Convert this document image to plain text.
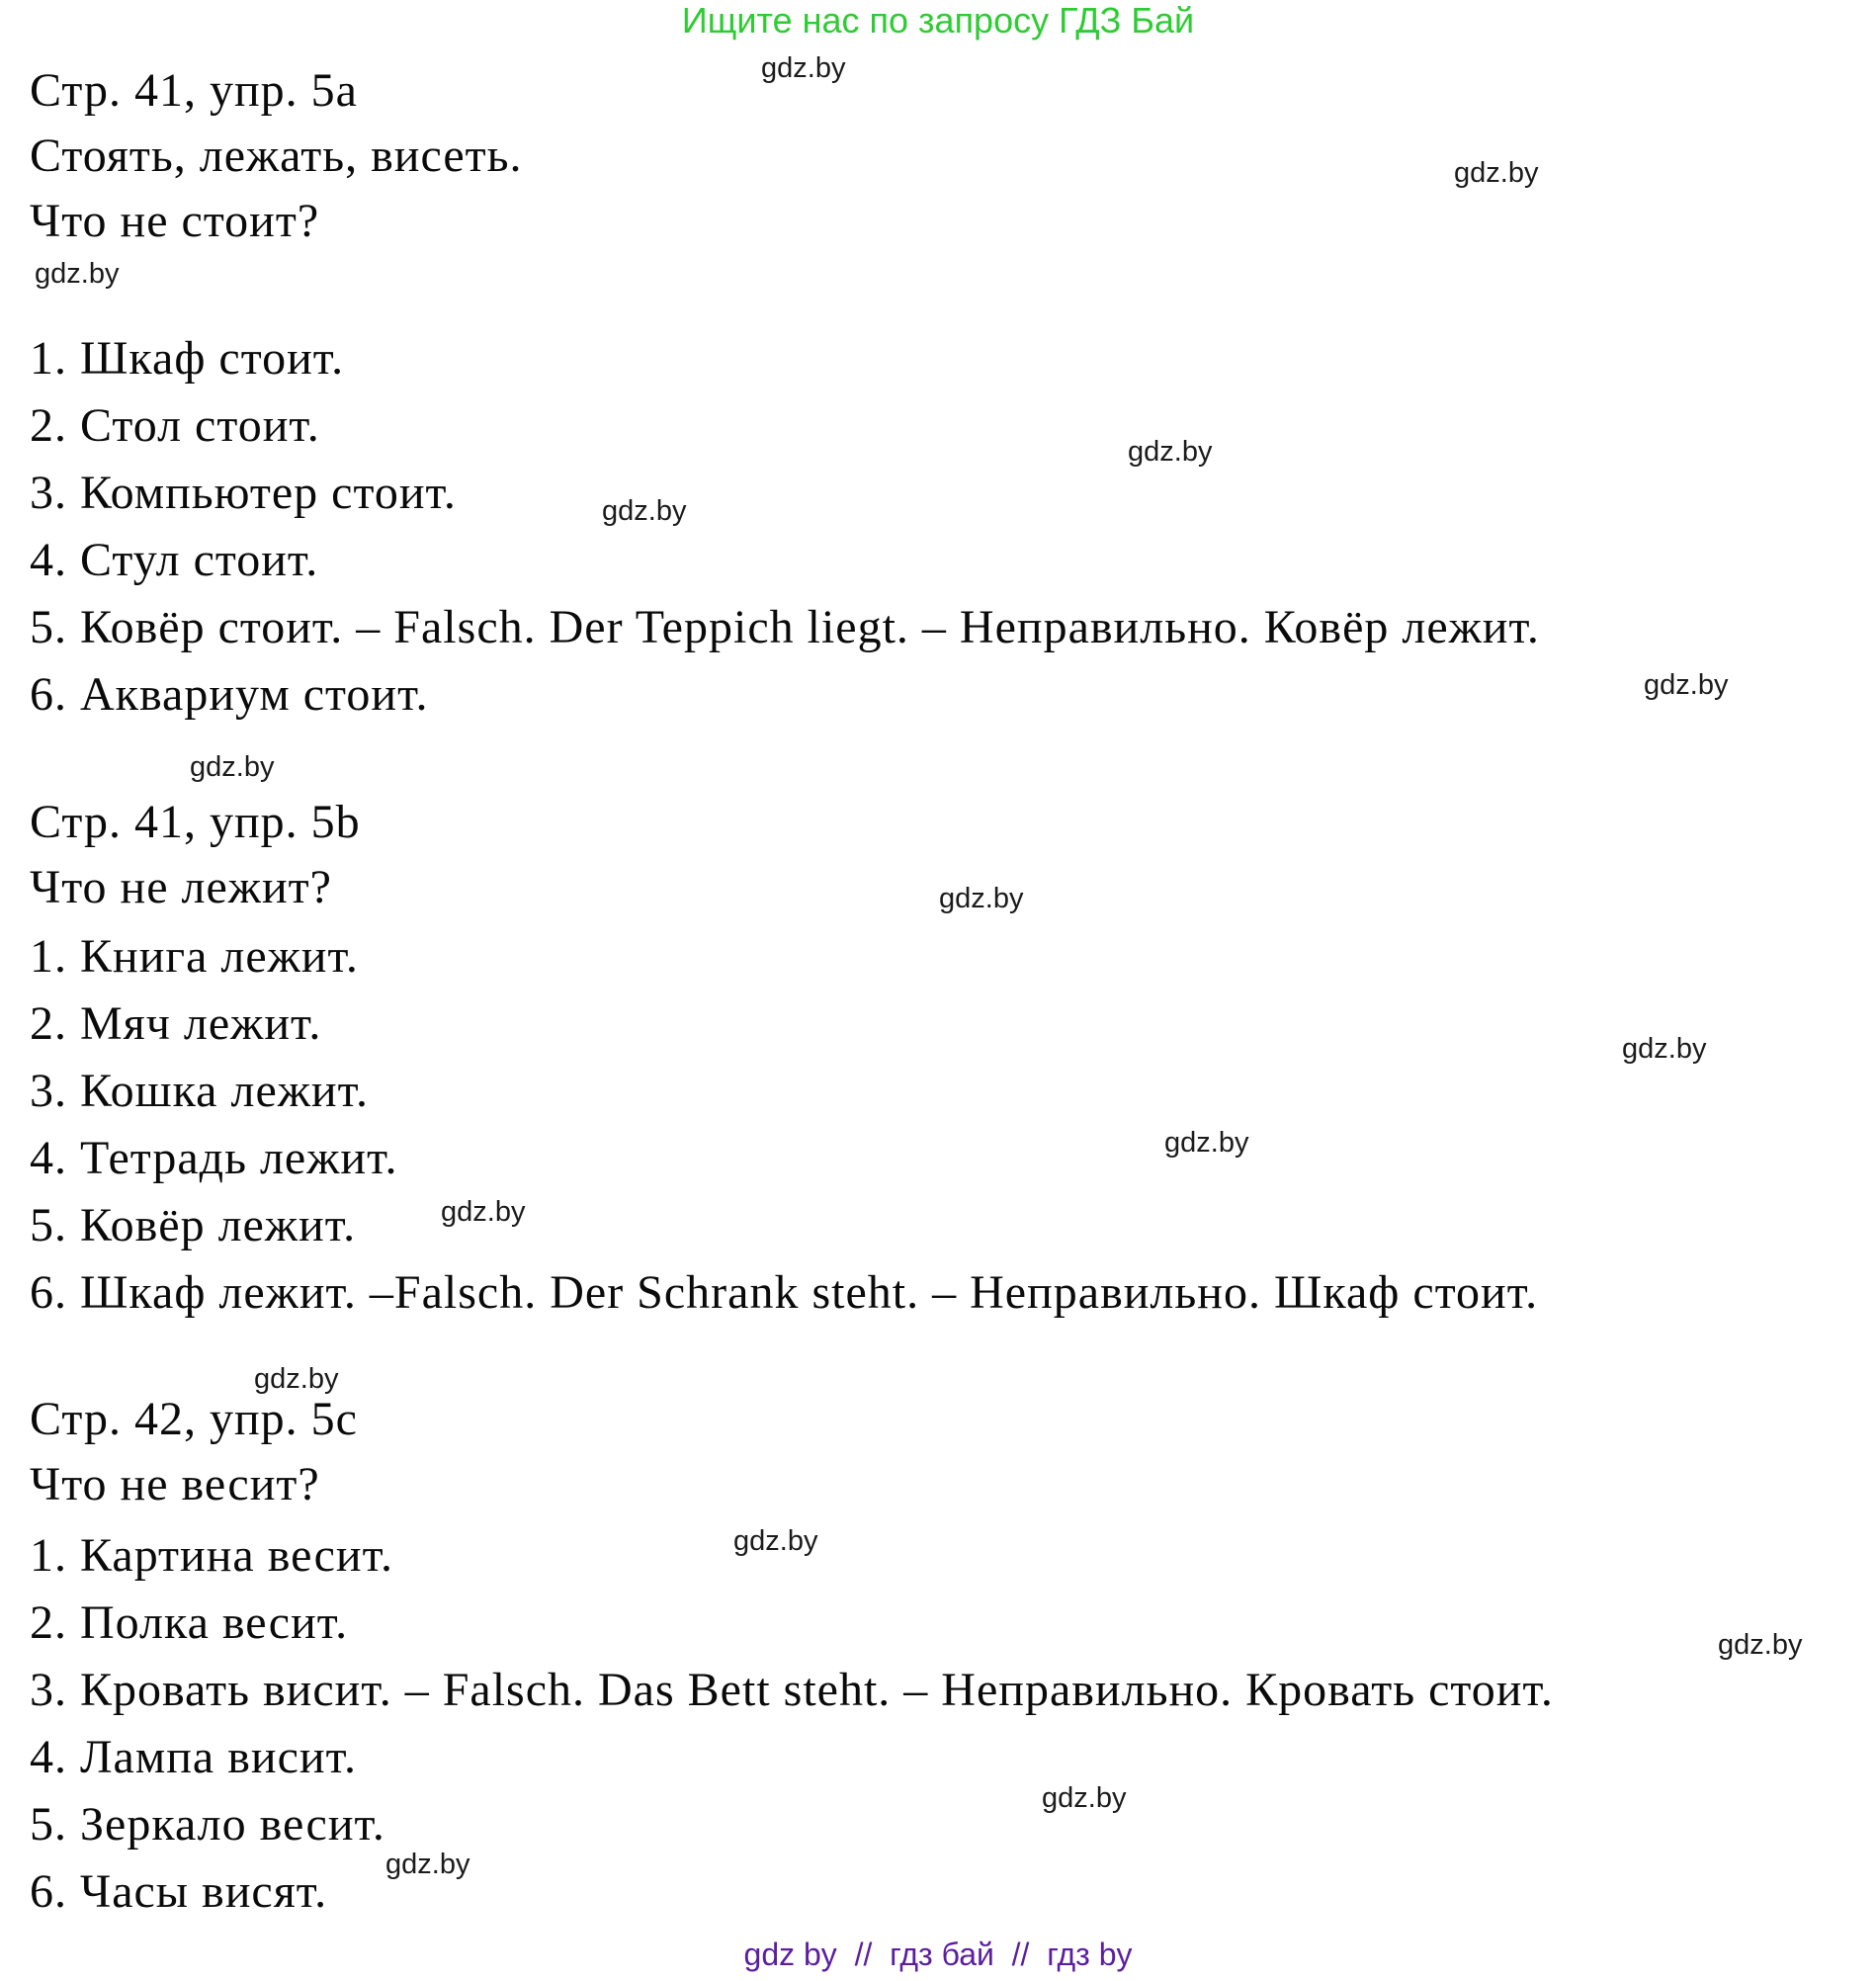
Ищите нас по запросу ГДЗ Бай
Стр. 41, упр. 5a
Стоять, лежать, висеть.
Что не стоит?
1. Шкаф стоит.
2. Стол стоит.
3. Компьютер стоит.
4. Стул стоит.
5. Ковёр стоит. – Falsch. Der Teppich liegt. – Неправильно. Ковёр лежит.
6. Аквариум стоит.
Стр. 41, упр. 5b
Что не лежит?
1. Книга лежит.
2. Мяч лежит.
3. Кошка лежит.
4. Тетрадь лежит.
5. Ковёр лежит.
6. Шкаф лежит. –Falsch. Der Schrank steht. – Неправильно. Шкаф стоит.
Стр. 42, упр. 5c
Что не весит?
1. Картина весит.
2. Полка весит.
3. Кровать висит. – Falsch. Das Bett steht. – Неправильно. Кровать стоит.
4. Лампа висит.
5. Зеркало весит.
6. Часы висят.
gdz.by
gdz.by
gdz.by
gdz.by
gdz.by
gdz.by
gdz.by
gdz.by
gdz.by
gdz.by
gdz.by
gdz.by
gdz.by
gdz.by
gdz.by
gdz.by
gdz by  //  гдз бай  //  гдз by
